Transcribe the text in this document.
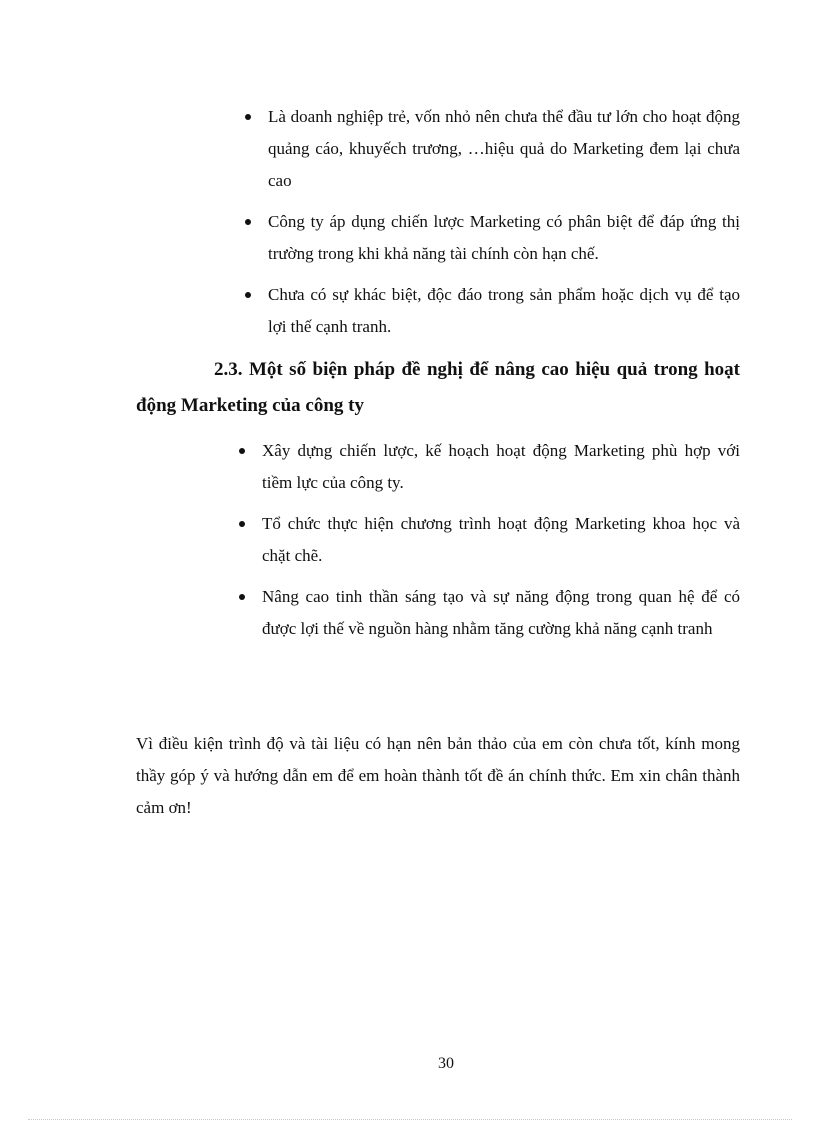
Là doanh nghiệp trẻ, vốn nhỏ nên chưa thể đầu tư lớn cho hoạt động quảng cáo, khuyếch trương, …hiệu quả do Marketing đem lại chưa cao
Công ty áp dụng chiến lược Marketing có phân biệt để đáp ứng thị trường trong khi khả năng tài chính còn hạn chế.
Chưa có sự khác biệt, độc đáo trong sản phẩm hoặc dịch vụ để tạo lợi thế cạnh tranh.
2.3. Một số biện pháp đề nghị để nâng cao hiệu quả trong hoạt động Marketing của công ty
Xây dựng chiến lược, kế hoạch hoạt động Marketing phù hợp với tiềm lực của công ty.
Tổ chức thực hiện chương trình hoạt động Marketing khoa học và chặt chẽ.
Nâng cao tinh thần sáng tạo và sự năng động trong quan hệ để có được lợi thế về nguồn hàng nhằm tăng cường khả năng cạnh tranh

Vì điều kiện trình độ và tài liệu có hạn nên bản thảo của em còn chưa tốt, kính mong thầy góp ý và hướng dẫn em để em hoàn thành tốt đề án chính thức. Em xin chân thành cảm ơn!

30
